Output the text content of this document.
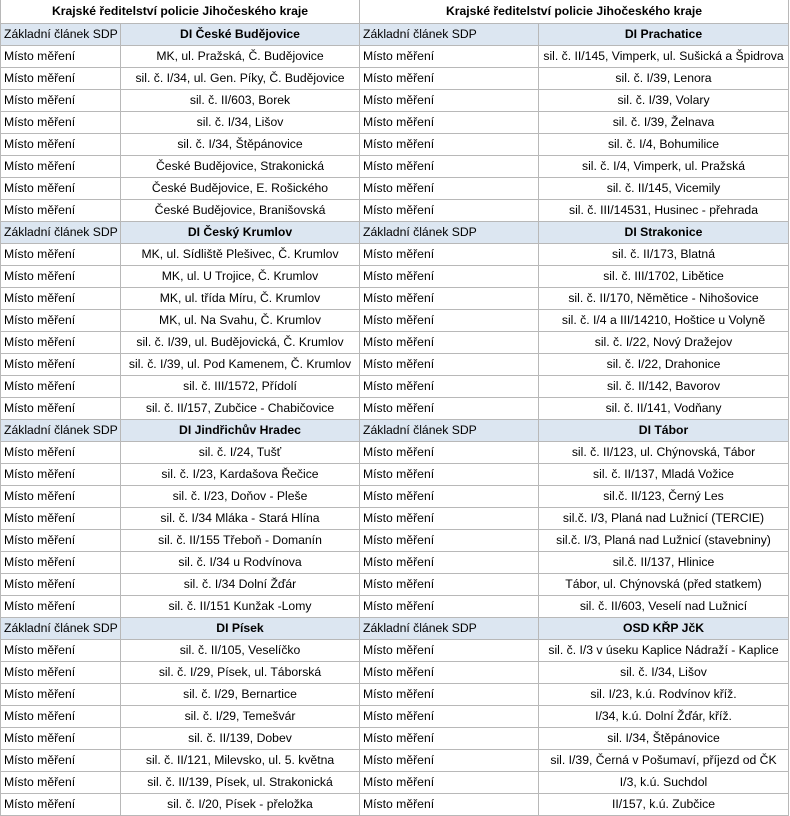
Krajské ředitelství policie Jihočeského kraje		Krajské ředitelství policie Jihočeského kraje	
Základní článek SDP	DI České Budějovice	Základní článek SDP	DI Prachatice
Místo měření	MK, ul. Pražská, Č. Budějovice	Místo měření	sil. č. II/145, Vimperk, ul. Sušická a Špidrova
Místo měření	sil. č. I/34, ul. Gen. Píky, Č. Budějovice	Místo měření	sil. č. I/39, Lenora
Místo měření	sil. č. II/603, Borek	Místo měření	sil. č. I/39, Volary
Místo měření	sil. č. I/34, Lišov	Místo měření	sil. č. I/39, Želnava
Místo měření	sil. č. I/34, Štěpánovice	Místo měření	sil. č. I/4, Bohumilice
Místo měření	České Budějovice, Strakonická	Místo měření	sil. č. I/4, Vimperk, ul. Pražská
Místo měření	České Budějovice, E. Rošického	Místo měření	sil. č. II/145, Vicemily
Místo měření	České Budějovice, Branišovská	Místo měření	sil. č. III/14531, Husinec - přehrada
Základní článek SDP	DI Český Krumlov	Základní článek SDP	DI Strakonice
Místo měření	MK, ul. Sídliště Plešivec, Č. Krumlov	Místo měření	sil. č. II/173, Blatná
Místo měření	MK, ul. U Trojice, Č. Krumlov	Místo měření	sil. č. III/1702, Libětice
Místo měření	MK, ul. třída Míru, Č. Krumlov	Místo měření	sil. č. II/170, Němětice - Nihošovice
Místo měření	MK, ul. Na Svahu, Č. Krumlov	Místo měření	sil. č. I/4 a III/14210, Hoštice u Volyně
Místo měření	sil. č. I/39, ul. Budějovická, Č. Krumlov	Místo měření	sil. č. I/22, Nový Dražejov
Místo měření	sil. č. I/39, ul. Pod Kamenem, Č. Krumlov	Místo měření	sil. č. I/22, Drahonice
Místo měření	sil. č. III/1572, Přídolí	Místo měření	sil. č. II/142, Bavorov
Místo měření	sil. č. II/157, Zubčice - Chabičovice	Místo měření	sil. č. II/141, Vodňany
Základní článek SDP	DI Jindřichův Hradec	Základní článek SDP	DI Tábor
Místo měření	sil. č. I/24, Tušť	Místo měření	sil. č. II/123, ul. Chýnovská, Tábor
Místo měření	sil. č. I/23, Kardašova Řečice	Místo měření	sil. č. II/137, Mladá Vožice
Místo měření	sil. č. I/23, Doňov - Pleše	Místo měření	sil.č. II/123, Černý Les
Místo měření	sil. č. I/34 Mláka - Stará Hlína	Místo měření	sil.č. I/3, Planá nad Lužnicí (TERCIE)
Místo měření	sil. č. II/155 Třeboň - Domanín	Místo měření	sil.č. I/3, Planá nad Lužnicí (stavebniny)
Místo měření	sil. č. I/34 u Rodvínova	Místo měření	sil.č. II/137, Hlinice
Místo měření	sil. č. I/34 Dolní Žďár	Místo měření	Tábor, ul. Chýnovská (před statkem)
Místo měření	sil. č. II/151 Kunžak -Lomy	Místo měření	sil. č. II/603, Veselí nad Lužnicí
Základní článek SDP	DI Písek	Základní článek SDP	OSD KŘP JčK
Místo měření	sil. č. II/105, Veselíčko	Místo měření	sil. č. I/3 v úseku Kaplice Nádraží - Kaplice
Místo měření	sil. č. I/29, Písek, ul. Táborská	Místo měření	sil. č. I/34, Lišov
Místo měření	sil. č. I/29, Bernartice	Místo měření	sil. I/23, k.ú. Rodvínov kříž.
Místo měření	sil. č. I/29, Temešvár	Místo měření	I/34, k.ú. Dolní Žďár, kříž.
Místo měření	sil. č. II/139, Dobev	Místo měření	sil. I/34, Štěpánovice
Místo měření	sil. č. II/121, Milevsko, ul. 5. května	Místo měření	sil. I/39, Černá v Pošumaví, příjezd od ČK
Místo měření	sil. č. II/139, Písek, ul. Strakonická	Místo měření	I/3, k.ú. Suchdol
Místo měření	sil. č. I/20, Písek - přeložka	Místo měření	II/157, k.ú. Zubčice
